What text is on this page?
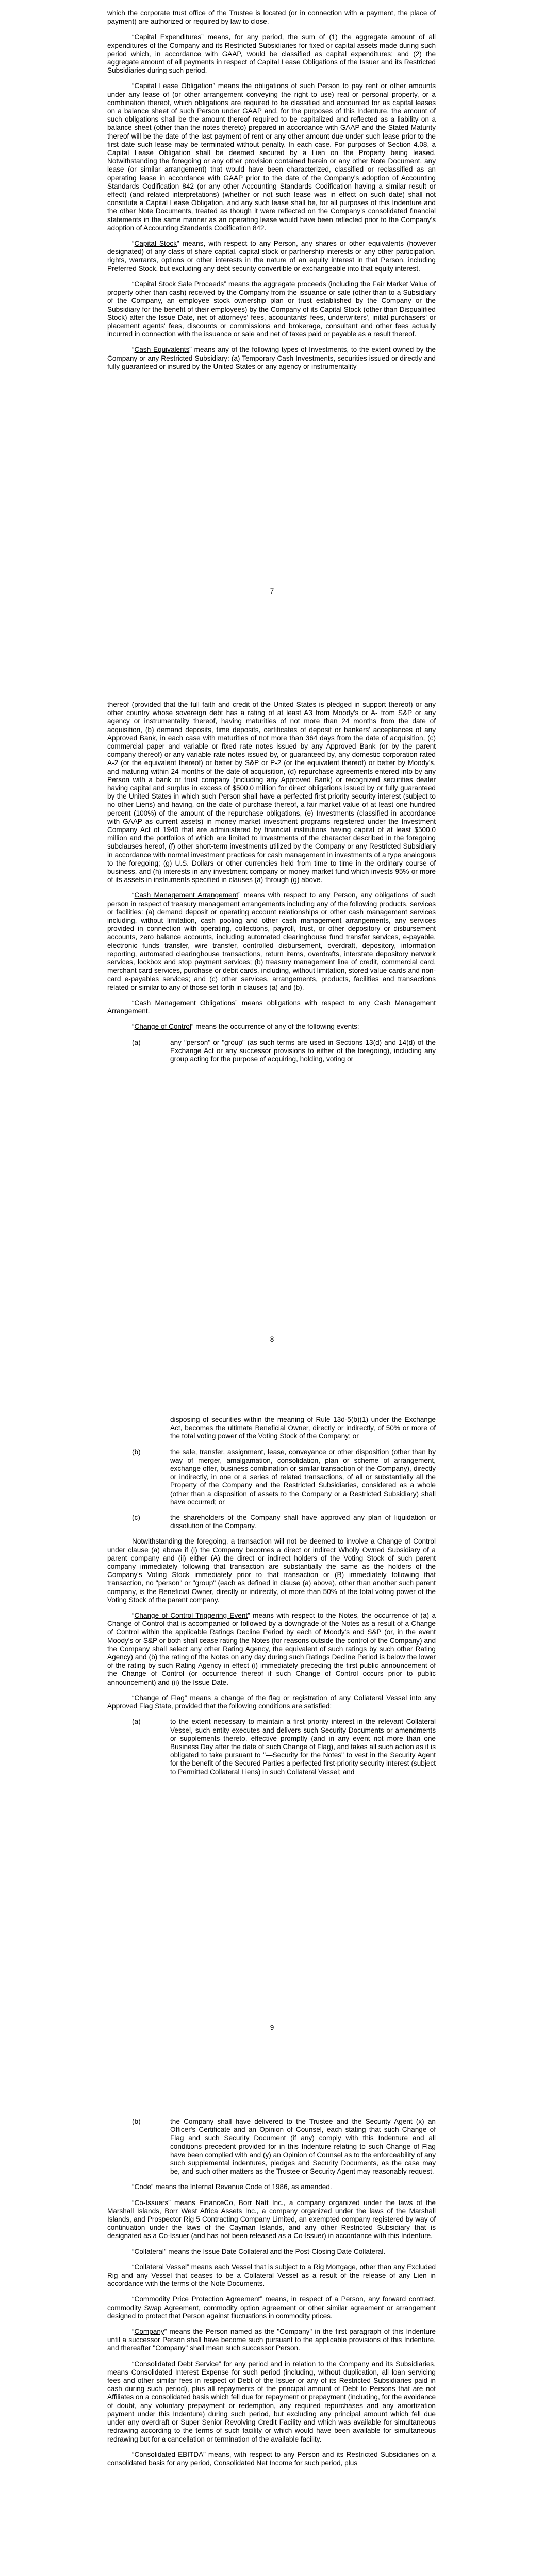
which the corporate trust office of the Trustee is located (or in connection with a payment, the place of payment) are authorized or required by law to close.

“Capital Expenditures” means, for any period, the sum of (1) the aggregate amount of all expenditures of the Company and its Restricted Subsidiaries for fixed or capital assets made during such period which, in accordance with GAAP, would be classified as capital expenditures; and (2) the aggregate amount of all payments in respect of Capital Lease Obligations of the Issuer and its Restricted Subsidiaries during such period.

“Capital Lease Obligation” means the obligations of such Person to pay rent or other amounts under any lease of (or other arrangement conveying the right to use) real or personal property, or a combination thereof, which obligations are required to be classified and accounted for as capital leases on a balance sheet of such Person under GAAP and, for the purposes of this Indenture, the amount of such obligations shall be the amount thereof required to be capitalized and reflected as a liability on a balance sheet (other than the notes thereto) prepared in accordance with GAAP and the Stated Maturity thereof will be the date of the last payment of rent or any other amount due under such lease prior to the first date such lease may be terminated without penalty. In each case. For purposes of Section 4.08, a Capital Lease Obligation shall be deemed secured by a Lien on the Property being leased. Notwithstanding the foregoing or any other provision contained herein or any other Note Document, any lease (or similar arrangement) that would have been characterized, classified or reclassified as an operating lease in accordance with GAAP prior to the date of the Company's adoption of Accounting Standards Codification 842 (or any other Accounting Standards Codification having a similar result or effect) (and related interpretations) (whether or not such lease was in effect on such date) shall not constitute a Capital Lease Obligation, and any such lease shall be, for all purposes of this Indenture and the other Note Documents, treated as though it were reflected on the Company's consolidated financial statements in the same manner as an operating lease would have been reflected prior to the Company's adoption of Accounting Standards Codification 842.

“Capital Stock” means, with respect to any Person, any shares or other equivalents (however designated) of any class of share capital, capital stock or partnership interests or any other participation, rights, warrants, options or other interests in the nature of an equity interest in that Person, including Preferred Stock, but excluding any debt security convertible or exchangeable into that equity interest.

“Capital Stock Sale Proceeds” means the aggregate proceeds (including the Fair Market Value of property other than cash) received by the Company from the issuance or sale (other than to a Subsidiary of the Company, an employee stock ownership plan or trust established by the Company or the Subsidiary for the benefit of their employees) by the Company of its Capital Stock (other than Disqualified Stock) after the Issue Date, net of attorneys' fees, accountants' fees, underwriters', initial purchasers' or placement agents' fees, discounts or commissions and brokerage, consultant and other fees actually incurred in connection with the issuance or sale and net of taxes paid or payable as a result thereof.

“Cash Equivalents” means any of the following types of Investments, to the extent owned by the Company or any Restricted Subsidiary: (a) Temporary Cash Investments, securities issued or directly and fully guaranteed or insured by the United States or any agency or instrumentality

7

thereof (provided that the full faith and credit of the United States is pledged in support thereof) or any other country whose sovereign debt has a rating of at least A3 from Moody's or A- from S&P or any agency or instrumentality thereof, having maturities of not more than 24 months from the date of acquisition, (b) demand deposits, time deposits, certificates of deposit or bankers' acceptances of any Approved Bank, in each case with maturities of not more than 364 days from the date of acquisition, (c) commercial paper and variable or fixed rate notes issued by any Approved Bank (or by the parent company thereof) or any variable rate notes issued by, or guaranteed by, any domestic corporation rated A-2 (or the equivalent thereof) or better by S&P or P-2 (or the equivalent thereof) or better by Moody's, and maturing within 24 months of the date of acquisition, (d) repurchase agreements entered into by any Person with a bank or trust company (including any Approved Bank) or recognized securities dealer having capital and surplus in excess of $500.0 million for direct obligations issued by or fully guaranteed by the United States in which such Person shall have a perfected first priority security interest (subject to no other Liens) and having, on the date of purchase thereof, a fair market value of at least one hundred percent (100%) of the amount of the repurchase obligations, (e) Investments (classified in accordance with GAAP as current assets) in money market investment programs registered under the Investment Company Act of 1940 that are administered by financial institutions having capital of at least $500.0 million and the portfolios of which are limited to Investments of the character described in the foregoing subclauses hereof, (f) other short-term investments utilized by the Company or any Restricted Subsidiary in accordance with normal investment practices for cash management in investments of a type analogous to the foregoing; (g) U.S. Dollars or other currencies held from time to time in the ordinary course of business, and (h) interests in any investment company or money market fund which invests 95% or more of its assets in instruments specified in clauses (a) through (g) above.

“Cash Management Arrangement” means with respect to any Person, any obligations of such person in respect of treasury management arrangements including any of the following products, services or facilities: (a) demand deposit or operating account relationships or other cash management services including, without limitation, cash pooling and other cash management arrangements, any services provided in connection with operating, collections, payroll, trust, or other depository or disbursement accounts, zero balance accounts, including automated clearinghouse fund transfer services, e-payable, electronic funds transfer, wire transfer, controlled disbursement, overdraft, depository, information reporting, automated clearinghouse transactions, return items, overdrafts, interstate depository network services, lockbox and stop payment services; (b) treasury management line of credit, commercial card, merchant card services, purchase or debit cards, including, without limitation, stored value cards and non-card e-payables services; and (c) other services, arrangements, products, facilities and transactions related or similar to any of those set forth in clauses (a) and (b).

“Cash Management Obligations” means obligations with respect to any Cash Management Arrangement.

“Change of Control” means the occurrence of any of the following events:

(a)	any "person" or "group" (as such terms are used in Sections 13(d) and 14(d) of the Exchange Act or any successor provisions to either of the foregoing), including any group acting for the purpose of acquiring, holding, voting or
8
disposing of securities within the meaning of Rule 13d-5(b)(1) under the Exchange Act, becomes the ultimate Beneficial Owner, directly or indirectly, of 50% or more of the total voting power of the Voting Stock of the Company; or
(b)	the sale, transfer, assignment, lease, conveyance or other disposition (other than by way of merger, amalgamation, consolidation, plan or scheme of arrangement, exchange offer, business combination or similar transaction of the Company), directly or indirectly, in one or a series of related transactions, of all or substantially all the Property of the Company and the Restricted Subsidiaries, considered as a whole (other than a disposition of assets to the Company or a Restricted Subsidiary) shall have occurred; or
(c)	the shareholders of the Company shall have approved any plan of liquidation or dissolution of the Company.

Notwithstanding the foregoing, a transaction will not be deemed to involve a Change of Control under clause (a) above if (i) the Company becomes a direct or indirect Wholly Owned Subsidiary of a parent company and (ii) either (A) the direct or indirect holders of the Voting Stock of such parent company immediately following that transaction are substantially the same as the holders of the Company's Voting Stock immediately prior to that transaction or (B) immediately following that transaction, no "person" or "group" (each as defined in clause (a) above), other than another such parent company, is the Beneficial Owner, directly or indirectly, of more than 50% of the total voting power of the Voting Stock of the parent company.

“Change of Control Triggering Event” means with respect to the Notes, the occurrence of (a) a Change of Control that is accompanied or followed by a downgrade of the Notes as a result of a Change of Control within the applicable Ratings Decline Period by each of Moody's and S&P (or, in the event Moody's or S&P or both shall cease rating the Notes (for reasons outside the control of the Company) and the Company shall select any other Rating Agency, the equivalent of such ratings by such other Rating Agency) and (b) the rating of the Notes on any day during such Ratings Decline Period is below the lower of the rating by such Rating Agency in effect (i) immediately preceding the first public announcement of the Change of Control (or occurrence thereof if such Change of Control occurs prior to public announcement) and (ii) the Issue Date.

“Change of Flag” means a change of the flag or registration of any Collateral Vessel into any Approved Flag State, provided that the following conditions are satisfied:

(a)	to the extent necessary to maintain a first priority interest in the relevant Collateral Vessel, such entity executes and delivers such Security Documents or amendments or supplements thereto, effective promptly (and in any event not more than one Business Day after the date of such Change of Flag), and takes all such action as it is obligated to take pursuant to "—Security for the Notes" to vest in the Security Agent for the benefit of the Secured Parties a perfected first-priority security interest (subject to Permitted Collateral Liens) in such Collateral Vessel; and
9
(b)	the Company shall have delivered to the Trustee and the Security Agent (x) an Officer's Certificate and an Opinion of Counsel, each stating that such Change of Flag and such Security Document (if any) comply with this Indenture and all conditions precedent provided for in this Indenture relating to such Change of Flag have been complied with and (y) an Opinion of Counsel as to the enforceability of any such supplemental indentures, pledges and Security Documents, as the case may be, and such other matters as the Trustee or Security Agent may reasonably request.

“Code” means the Internal Revenue Code of 1986, as amended.

“Co-Issuers” means FinanceCo, Borr Natt Inc., a company organized under the laws of the Marshall Islands, Borr West Africa Assets Inc., a company organized under the laws of the Marshall Islands, and Prospector Rig 5 Contracting Company Limited, an exempted company registered by way of continuation under the laws of the Cayman Islands, and any other Restricted Subsidiary that is designated as a Co-Issuer (and has not been released as a Co-Issuer) in accordance with this Indenture.

“Collateral” means the Issue Date Collateral and the Post-Closing Date Collateral.

“Collateral Vessel” means each Vessel that is subject to a Rig Mortgage, other than any Excluded Rig and any Vessel that ceases to be a Collateral Vessel as a result of the release of any Lien in accordance with the terms of the Note Documents.

“Commodity Price Protection Agreement” means, in respect of a Person, any forward contract, commodity Swap Agreement, commodity option agreement or other similar agreement or arrangement designed to protect that Person against fluctuations in commodity prices.

“Company” means the Person named as the "Company" in the first paragraph of this Indenture until a successor Person shall have become such pursuant to the applicable provisions of this Indenture, and thereafter "Company" shall mean such successor Person.

“Consolidated Debt Service” for any period and in relation to the Company and its Subsidiaries, means Consolidated Interest Expense for such period (including, without duplication, all loan servicing fees and other similar fees in respect of Debt of the Issuer or any of its Restricted Subsidiaries paid in cash during such period), plus all repayments of the principal amount of Debt to Persons that are not Affiliates on a consolidated basis which fell due for repayment or prepayment (including, for the avoidance of doubt, any voluntary prepayment or redemption, any required repurchases and any amortization payment under this Indenture) during such period, but excluding any principal amount which fell due under any overdraft or Super Senior Revolving Credit Facility and which was available for simultaneous redrawing according to the terms of such facility or which would have been available for simultaneous redrawing but for a cancellation or termination of the available facility.

“Consolidated EBITDA” means, with respect to any Person and its Restricted Subsidiaries on a consolidated basis for any period, Consolidated Net Income for such period, plus
